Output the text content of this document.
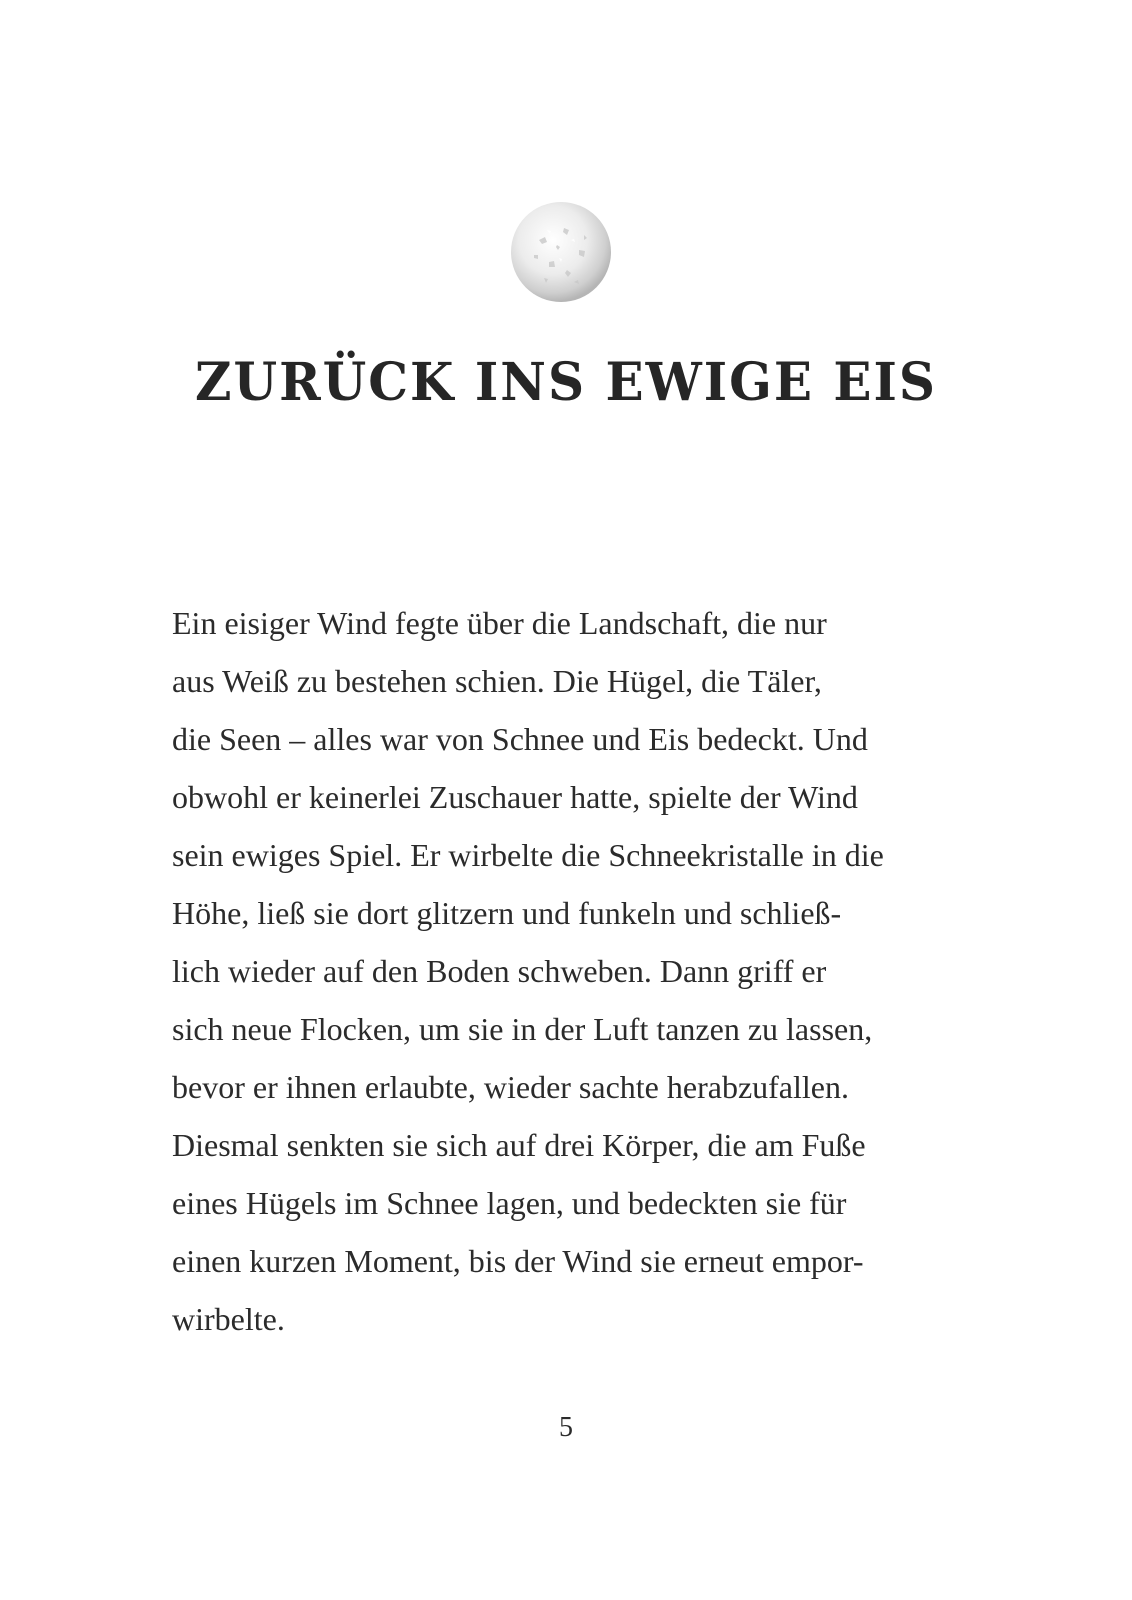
ZURÜCK INS EWIGE EIS
Ein eisiger Wind fegte über die Landschaft, die nur
aus Weiß zu bestehen schien. Die Hügel, die Täler,
die Seen – alles war von Schnee und Eis bedeckt. Und
obwohl er keinerlei Zuschauer hatte, spielte der Wind
sein ewiges Spiel. Er wirbelte die Schneekristalle in die
Höhe, ließ sie dort glitzern und funkeln und schließ-
lich wieder auf den Boden schweben. Dann griff er
sich neue Flocken, um sie in der Luft tanzen zu lassen,
bevor er ihnen erlaubte, wieder sachte herabzufallen.
Diesmal senkten sie sich auf drei Körper, die am Fuße
eines Hügels im Schnee lagen, und bedeckten sie für
einen kurzen Moment, bis der Wind sie erneut empor-
wirbelte.
5
